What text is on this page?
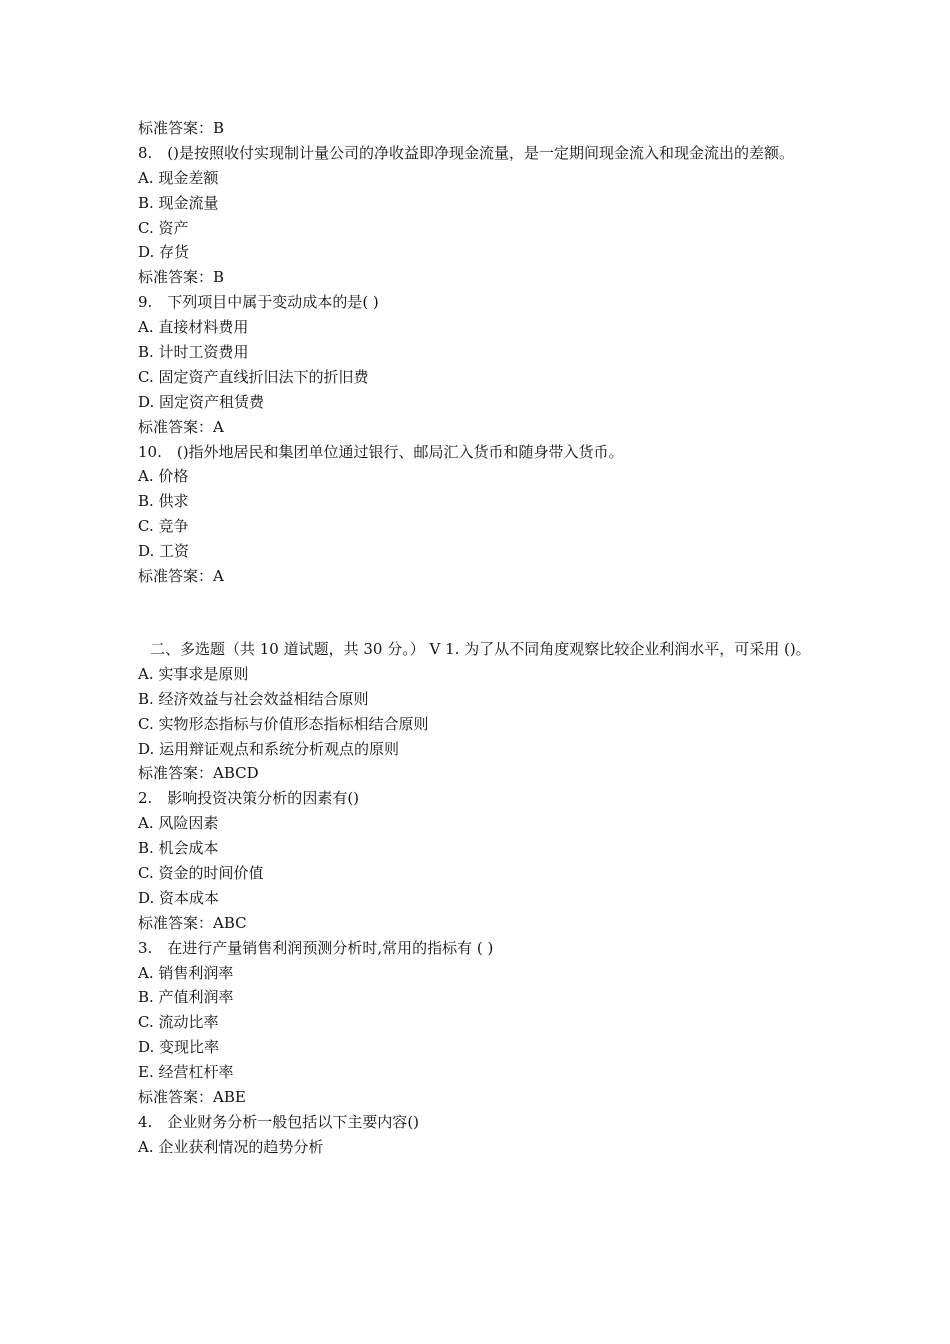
标准答案：B
8.　()是按照收付实现制计量公司的净收益即净现金流量，是一定期间现金流入和现金流出的差额。
A. 现金差额
B. 现金流量
C. 资产
D. 存货
标准答案：B
9.　下列项目中属于变动成本的是( )
A. 直接材料费用
B. 计时工资费用
C. 固定资产直线折旧法下的折旧费
D. 固定资产租赁费
标准答案：A
10.　()指外地居民和集团单位通过银行、邮局汇入货币和随身带入货币。
A. 价格
B. 供求
C. 竞争
D. 工资
标准答案：A
二、多选题（共 10 道试题，共 30 分。） V 1. 为了从不同角度观察比较企业利润水平，可采用 ()。
A. 实事求是原则
B. 经济效益与社会效益相结合原则
C. 实物形态指标与价值形态指标相结合原则
D. 运用辩证观点和系统分析观点的原则
标准答案：ABCD
2.　影响投资决策分析的因素有()
A. 风险因素
B. 机会成本
C. 资金的时间价值
D. 资本成本
标准答案：ABC
3.　在进行产量销售利润预测分析时,常用的指标有 ( )
A. 销售利润率
B. 产值利润率
C. 流动比率
D. 变现比率
E. 经营杠杆率
标准答案：ABE
4.　企业财务分析一般包括以下主要内容()
A. 企业获利情况的趋势分析
